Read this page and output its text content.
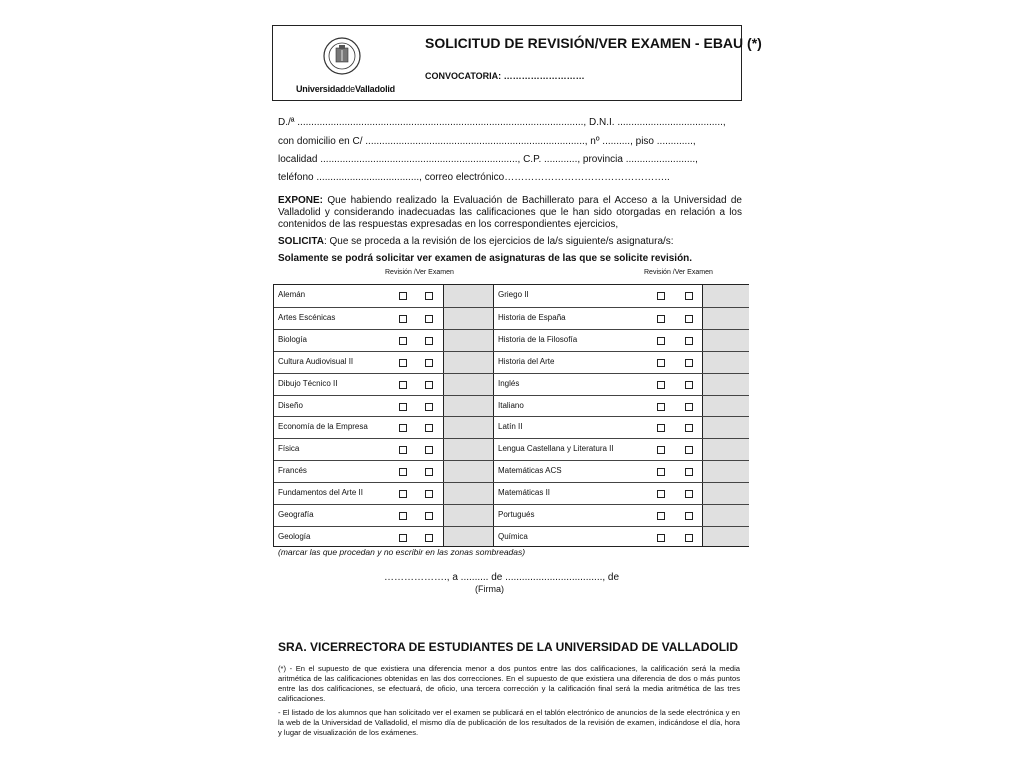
UniversidaddeValladolid
SOLICITUD DE REVISIÓN/VER EXAMEN - EBAU (*)
CONVOCATORIA: ………………………
D./ª ......................................................................................................., D.N.I. ......................................,
con domicilio en C/ ..............................................................................., nº .........., piso .............,
localidad ......................................................................., C.P. ............, provincia .........................,
teléfono ....................................., correo electrónico…………………………………………..
EXPONE: Que habiendo realizado la Evaluación de Bachillerato para el Acceso a la Universidad de Valladolid y considerando inadecuadas las calificaciones que le han sido otorgadas en relación a los contenidos de las respuestas expresadas en los correspondientes ejercicios,
SOLICITA: Que se proceda a la revisión de los ejercicios de la/s siguiente/s asignatura/s:
Solamente se podrá solicitar ver examen de asignaturas de las que se solicite revisión.
Revisión /Ver Examen	Revisión /Ver Examen
Alemán
Artes Escénicas
Biología
Cultura Audiovisual II
Dibujo Técnico II
Diseño
Economía de la Empresa
Física
Francés
Fundamentos del Arte II
Geografía
Geología
Griego II
Historia de España
Historia de la Filosofía
Historia del Arte
Inglés
Italiano
Latín II
Lengua Castellana y Literatura II
Matemáticas ACS
Matemáticas II
Portugués
Química
(marcar las que procedan y no escribir en las zonas sombreadas)
………………., a .......... de ..................................., de
(Firma)
SRA. VICERRECTORA DE ESTUDIANTES DE LA UNIVERSIDAD DE VALLADOLID
(*) - En el supuesto de que existiera una diferencia menor a dos puntos entre las dos calificaciones, la calificación será la media aritmética de las calificaciones obtenidas en las dos correcciones. En el supuesto de que existiera una diferencia de dos o más puntos entre las dos calificaciones, se efectuará, de oficio, una tercera corrección y la calificación final será la media aritmética de las tres calificaciones.
- El listado de los alumnos que han solicitado ver el examen se publicará en el tablón electrónico de anuncios de la sede electrónica y en la web de la Universidad de Valladolid, el mismo día de publicación de los resultados de la revisión de examen, indicándose el día, hora y lugar de visualización de los exámenes.
